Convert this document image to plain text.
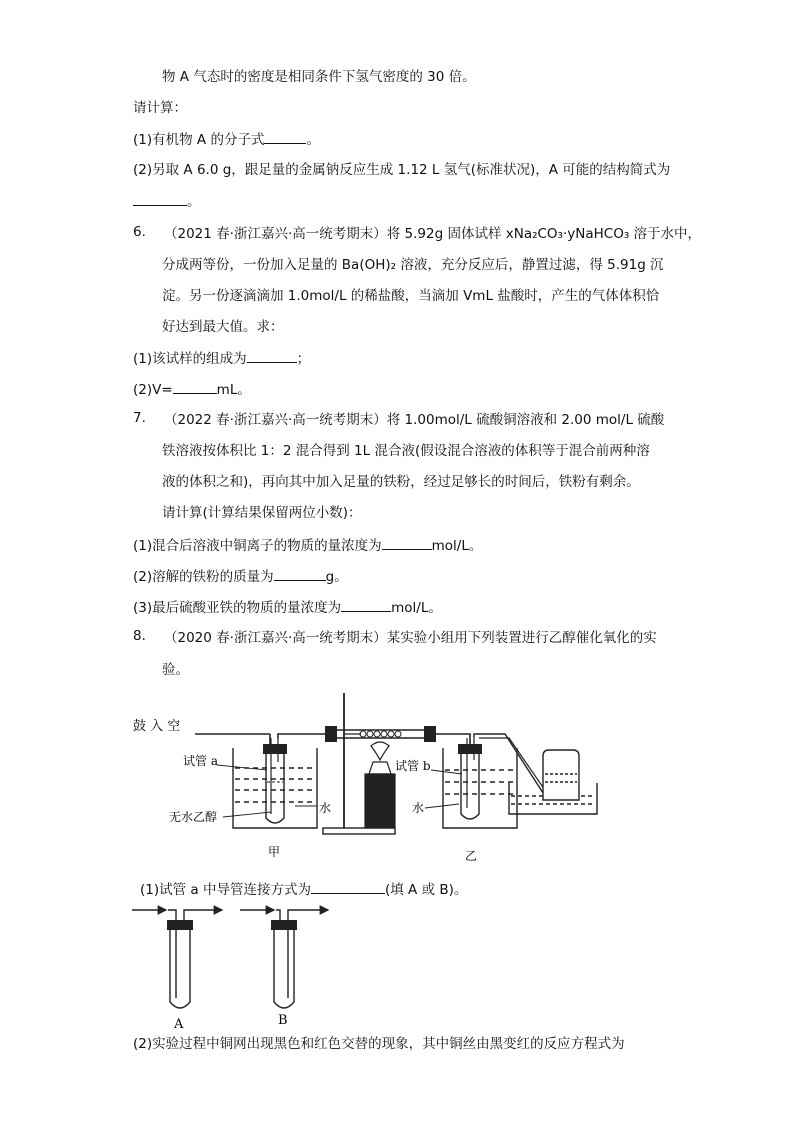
物 A 气态时的密度是相同条件下氢气密度的 30 倍。
请计算：
(1)有机物 A 的分子式	。
(2)另取 A 6.0 g，跟足量的金属钠反应生成 1.12 L 氢气(标准状况)，A 可能的结构简式为
。
6. （2021 春·浙江嘉兴·高一统考期末）将 5.92g 固体试样 xNa₂CO₃·yNaHCO₃ 溶于水中，
分成两等份，一份加入足量的 Ba(OH)₂ 溶液，充分反应后，静置过滤，得 5.91g 沉
淀。另一份逐滴滴加 1.0mol/L 的稀盐酸，当滴加 VmL 盐酸时，产生的气体体积恰
好达到最大值。求：
(1)该试样的组成为	；
(2)V=	mL。
7. （2022 春·浙江嘉兴·高一统考期末）将 1.00mol/L 硫酸铜溶液和 2.00 mol/L 硫酸
铁溶液按体积比 1：2 混合得到 1L 混合液(假设混合溶液的体积等于混合前两种溶
液的体积之和)，再向其中加入足量的铁粉，经过足够长的时间后，铁粉有剩余。
请计算(计算结果保留两位小数)：
(1)混合后溶液中铜离子的物质的量浓度为	mol/L。
(2)溶解的铁粉的质量为	g。
(3)最后硫酸亚铁的物质的量浓度为	mol/L。
8. （2020 春·浙江嘉兴·高一统考期末）某实验小组用下列装置进行乙醇催化氧化的实
验。
鼓 入 空
试管 a
无水乙醇
水
甲
试管 b
水
乙
(1)试管 a 中导管连接方式为	(填 A 或 B)。
A	B
(2)实验过程中铜网出现黑色和红色交替的现象，其中铜丝由黑变红的反应方程式为
